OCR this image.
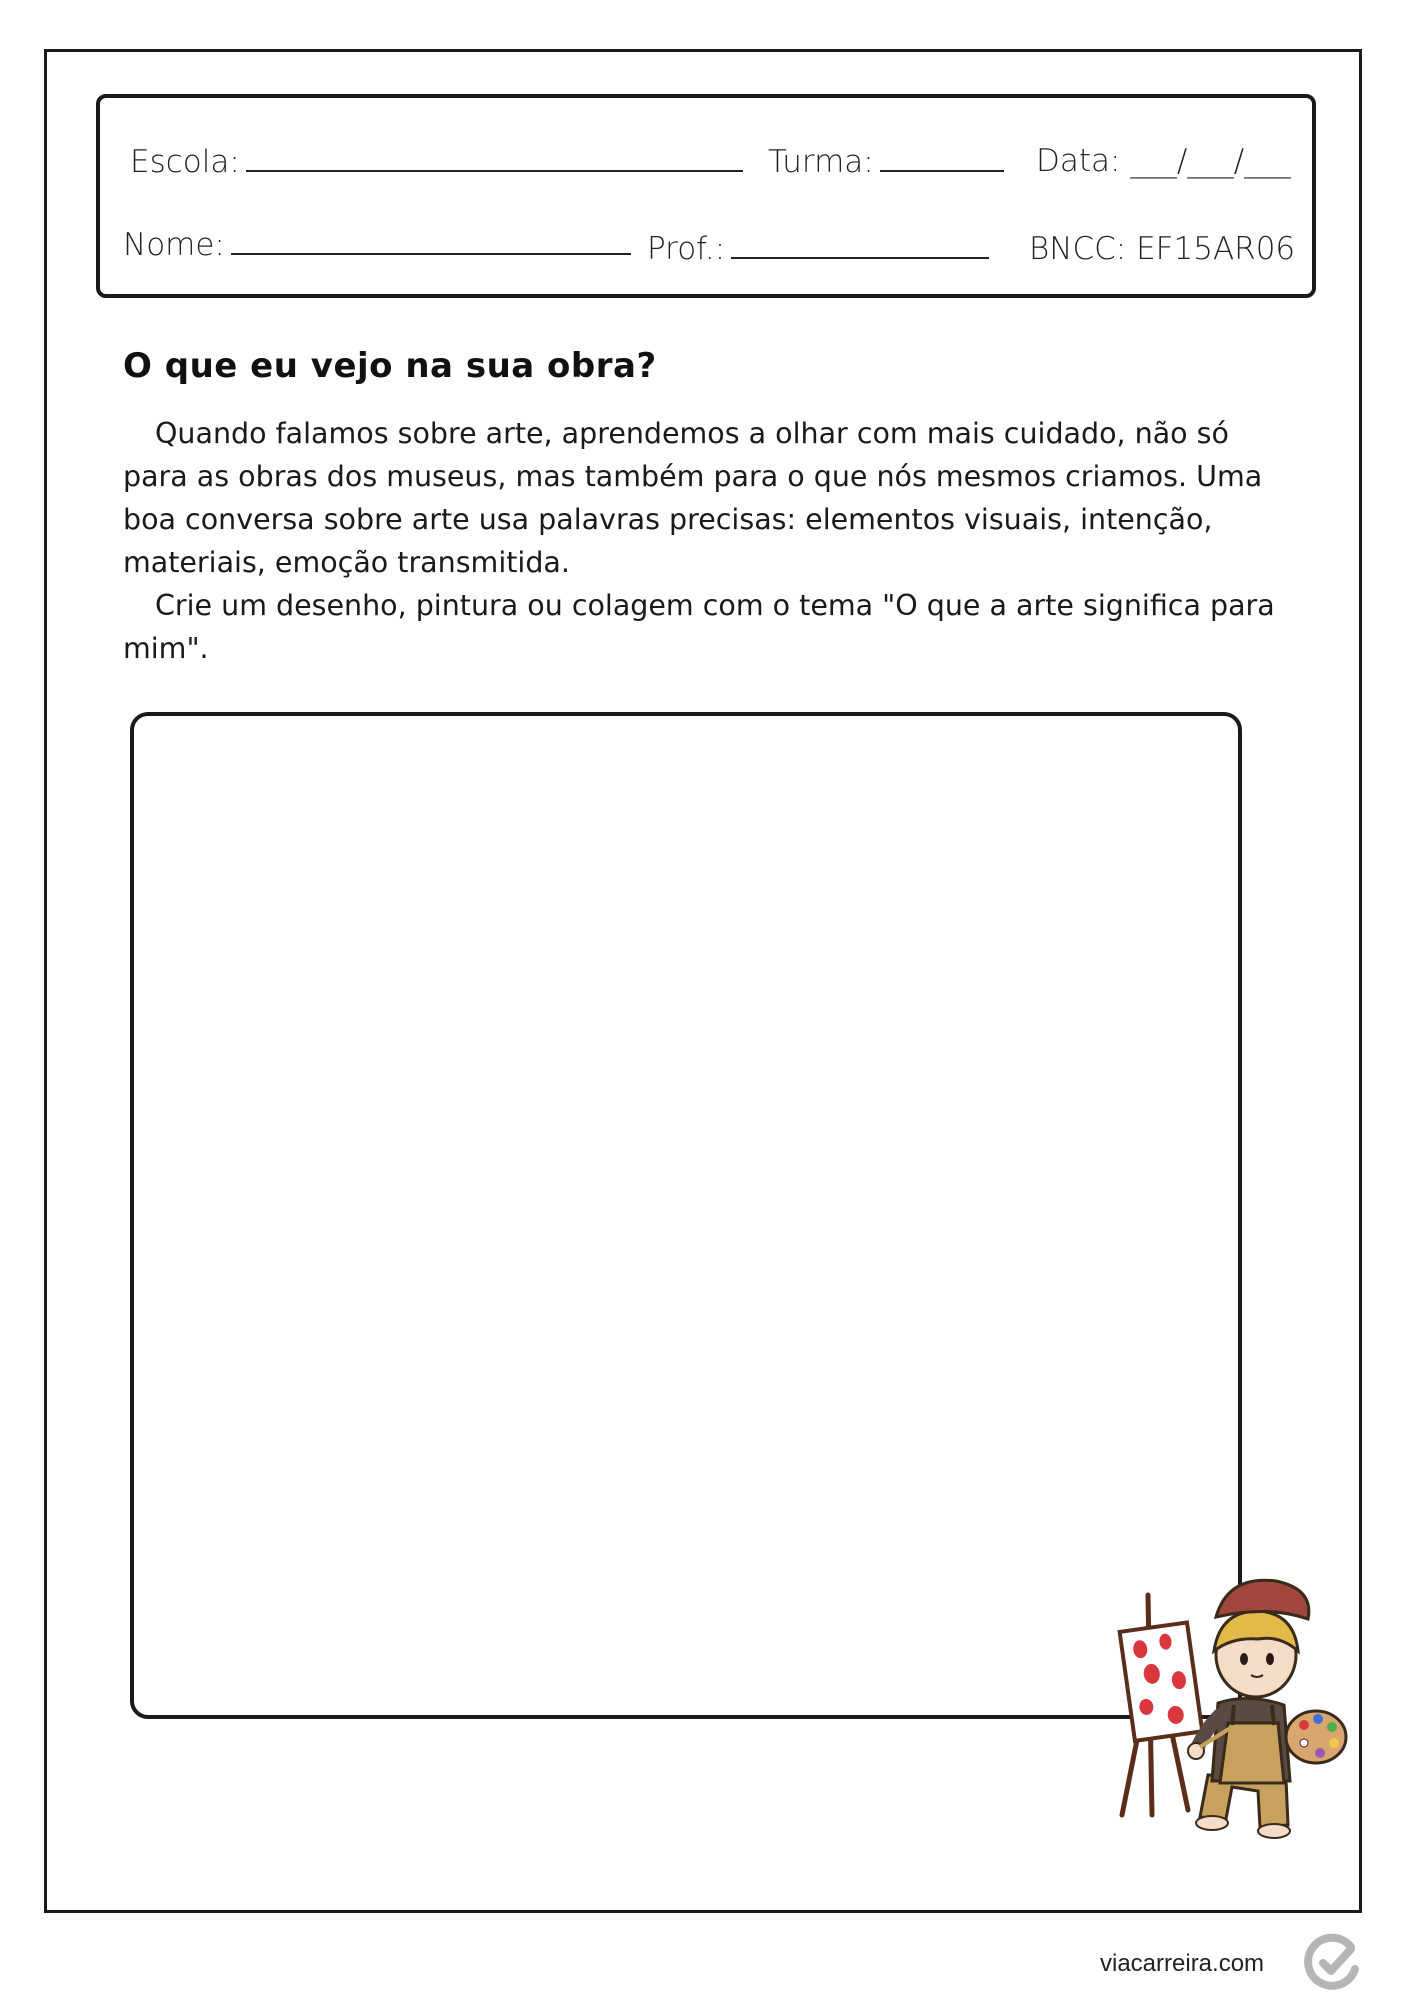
Escola:	Turma:	Data: ___/___/___
Nome:	Prof.:	BNCC: EF15AR06
O que eu vejo na sua obra?

Quando falamos sobre arte, aprendemos a olhar com mais cuidado, não só para as obras dos museus, mas também para o que nós mesmos criamos. Uma boa conversa sobre arte usa palavras precisas: elementos visuais, intenção, materiais, emoção transmitida.

Crie um desenho, pintura ou colagem com o tema "O que a arte significa para mim".

viacarreira.com
